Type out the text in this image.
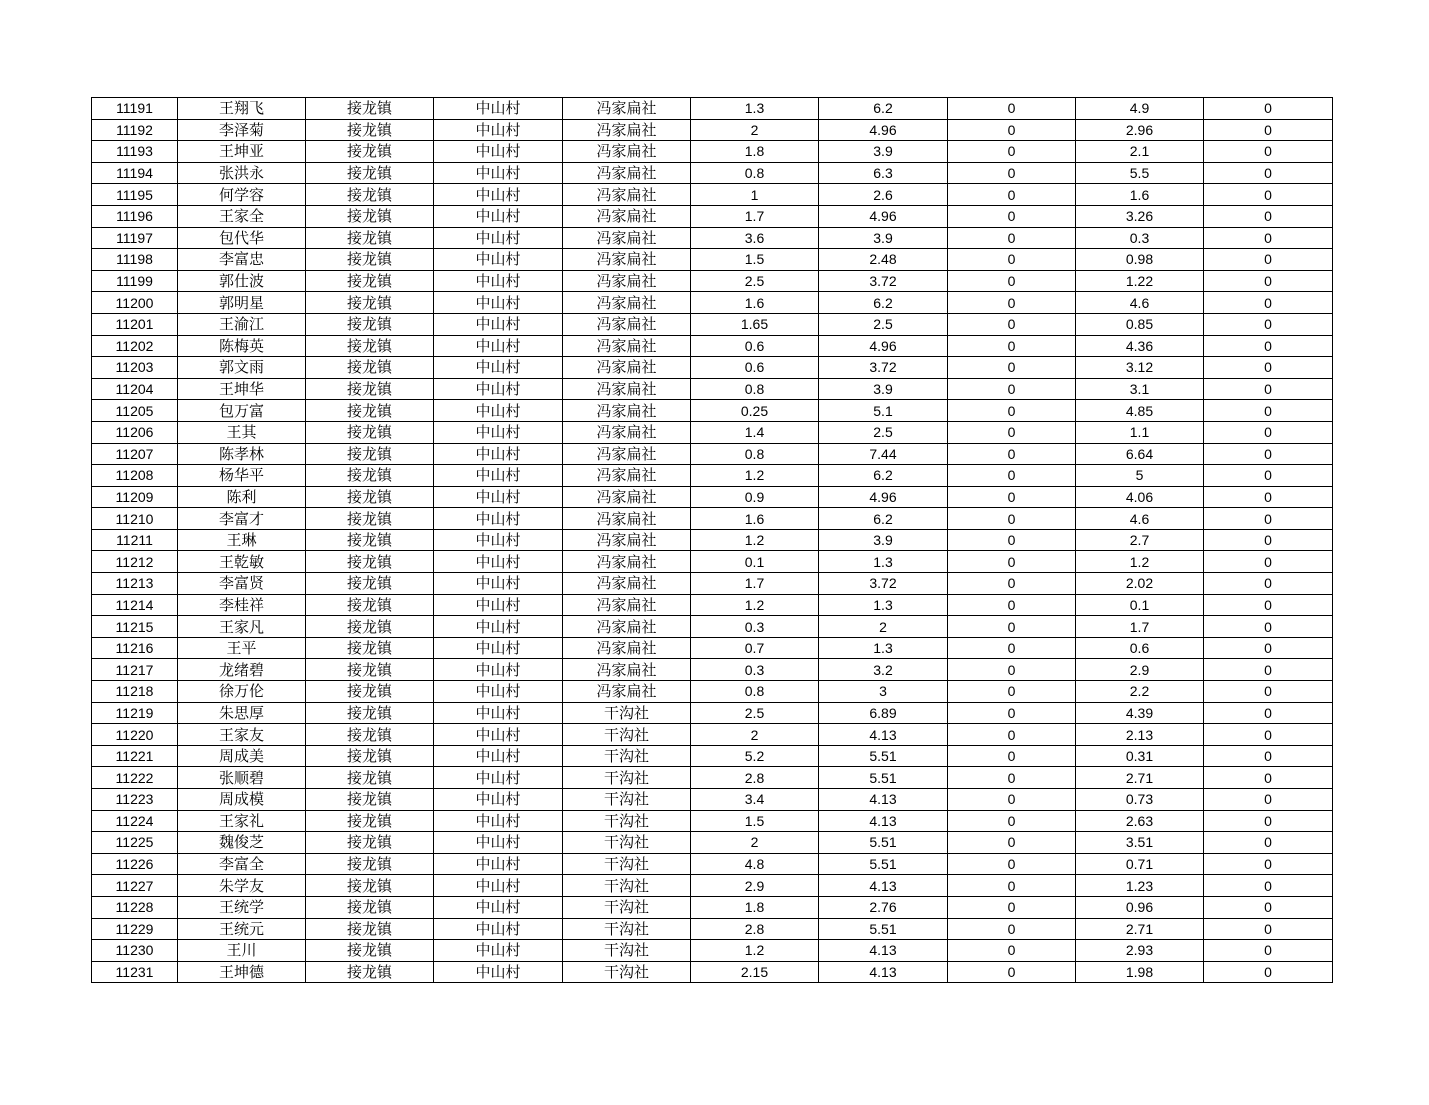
11191	王翔飞	接龙镇	中山村	冯家扁社	1.3	6.2	0	4.9	0
11192	李泽菊	接龙镇	中山村	冯家扁社	2	4.96	0	2.96	0
11193	王坤亚	接龙镇	中山村	冯家扁社	1.8	3.9	0	2.1	0
11194	张洪永	接龙镇	中山村	冯家扁社	0.8	6.3	0	5.5	0
11195	何学容	接龙镇	中山村	冯家扁社	1	2.6	0	1.6	0
11196	王家全	接龙镇	中山村	冯家扁社	1.7	4.96	0	3.26	0
11197	包代华	接龙镇	中山村	冯家扁社	3.6	3.9	0	0.3	0
11198	李富忠	接龙镇	中山村	冯家扁社	1.5	2.48	0	0.98	0
11199	郭仕波	接龙镇	中山村	冯家扁社	2.5	3.72	0	1.22	0
11200	郭明星	接龙镇	中山村	冯家扁社	1.6	6.2	0	4.6	0
11201	王渝江	接龙镇	中山村	冯家扁社	1.65	2.5	0	0.85	0
11202	陈梅英	接龙镇	中山村	冯家扁社	0.6	4.96	0	4.36	0
11203	郭文雨	接龙镇	中山村	冯家扁社	0.6	3.72	0	3.12	0
11204	王坤华	接龙镇	中山村	冯家扁社	0.8	3.9	0	3.1	0
11205	包万富	接龙镇	中山村	冯家扁社	0.25	5.1	0	4.85	0
11206	王其	接龙镇	中山村	冯家扁社	1.4	2.5	0	1.1	0
11207	陈孝林	接龙镇	中山村	冯家扁社	0.8	7.44	0	6.64	0
11208	杨华平	接龙镇	中山村	冯家扁社	1.2	6.2	0	5	0
11209	陈利	接龙镇	中山村	冯家扁社	0.9	4.96	0	4.06	0
11210	李富才	接龙镇	中山村	冯家扁社	1.6	6.2	0	4.6	0
11211	王琳	接龙镇	中山村	冯家扁社	1.2	3.9	0	2.7	0
11212	王乾敏	接龙镇	中山村	冯家扁社	0.1	1.3	0	1.2	0
11213	李富贤	接龙镇	中山村	冯家扁社	1.7	3.72	0	2.02	0
11214	李桂祥	接龙镇	中山村	冯家扁社	1.2	1.3	0	0.1	0
11215	王家凡	接龙镇	中山村	冯家扁社	0.3	2	0	1.7	0
11216	王平	接龙镇	中山村	冯家扁社	0.7	1.3	0	0.6	0
11217	龙绪碧	接龙镇	中山村	冯家扁社	0.3	3.2	0	2.9	0
11218	徐万伦	接龙镇	中山村	冯家扁社	0.8	3	0	2.2	0
11219	朱思厚	接龙镇	中山村	干沟社	2.5	6.89	0	4.39	0
11220	王家友	接龙镇	中山村	干沟社	2	4.13	0	2.13	0
11221	周成美	接龙镇	中山村	干沟社	5.2	5.51	0	0.31	0
11222	张顺碧	接龙镇	中山村	干沟社	2.8	5.51	0	2.71	0
11223	周成模	接龙镇	中山村	干沟社	3.4	4.13	0	0.73	0
11224	王家礼	接龙镇	中山村	干沟社	1.5	4.13	0	2.63	0
11225	魏俊芝	接龙镇	中山村	干沟社	2	5.51	0	3.51	0
11226	李富全	接龙镇	中山村	干沟社	4.8	5.51	0	0.71	0
11227	朱学友	接龙镇	中山村	干沟社	2.9	4.13	0	1.23	0
11228	王统学	接龙镇	中山村	干沟社	1.8	2.76	0	0.96	0
11229	王统元	接龙镇	中山村	干沟社	2.8	5.51	0	2.71	0
11230	王川	接龙镇	中山村	干沟社	1.2	4.13	0	2.93	0
11231	王坤德	接龙镇	中山村	干沟社	2.15	4.13	0	1.98	0
